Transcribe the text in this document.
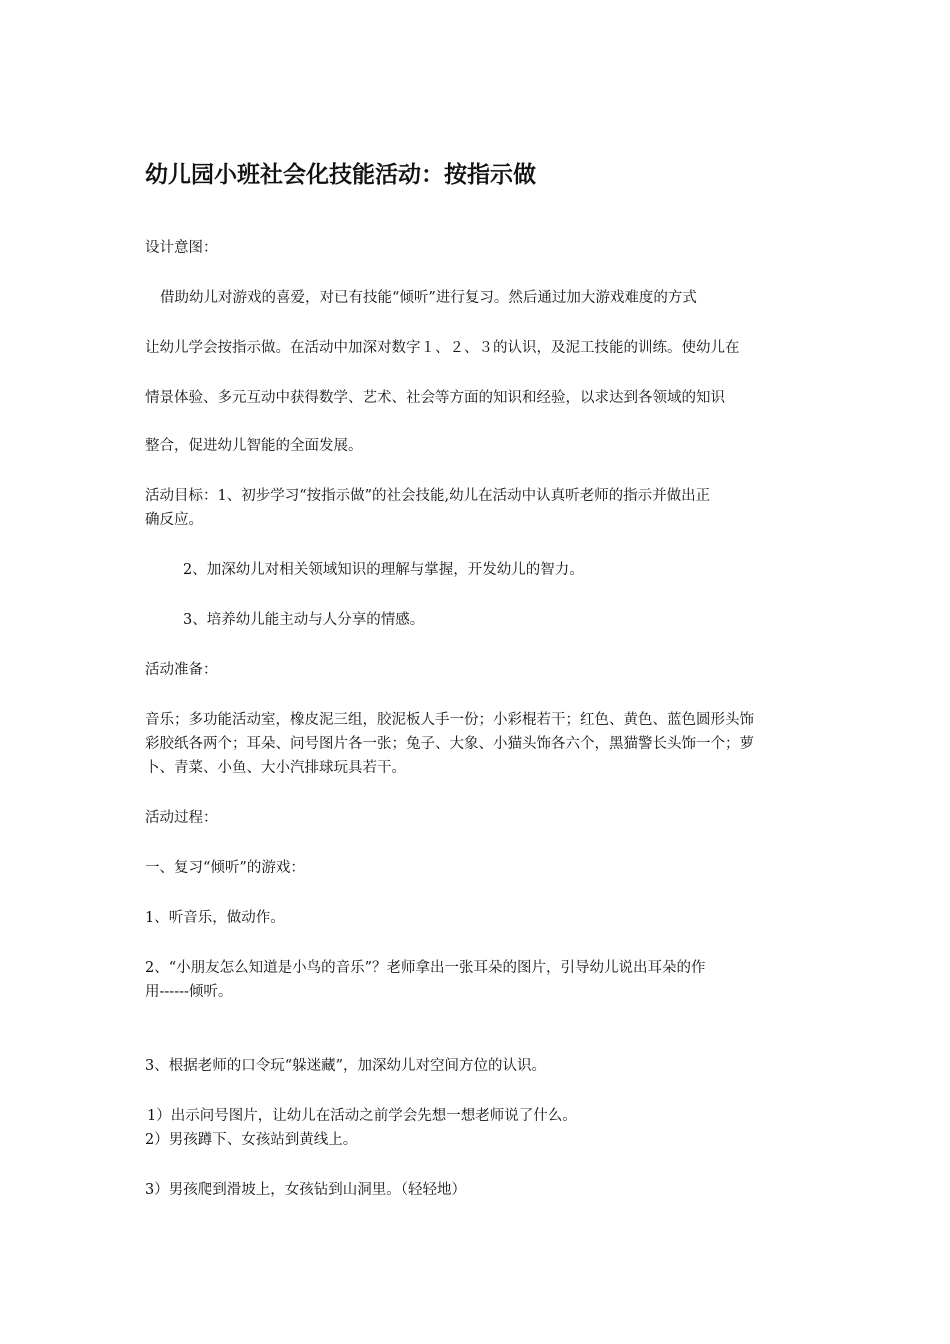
幼儿园小班社会化技能活动：按指示做
设计意图：
借助幼儿对游戏的喜爱，对已有技能“倾听”进行复习。然后通过加大游戏难度的方式
让幼儿学会按指示做。在活动中加深对数字１、２、３的认识，及泥工技能的训练。使幼儿在
情景体验、多元互动中获得数学、艺术、社会等方面的知识和经验，以求达到各领域的知识
整合，促进幼儿智能的全面发展。
活动目标：1、初步学习“按指示做”的社会技能,幼儿在活动中认真听老师的指示并做出正
确反应。
2、加深幼儿对相关领域知识的理解与掌握，开发幼儿的智力。
3、培养幼儿能主动与人分享的情感。
活动准备：
音乐；多功能活动室，橡皮泥三组，胶泥板人手一份；小彩棍若干；红色、黄色、蓝色圆形头饰
彩胶纸各两个；耳朵、问号图片各一张；兔子、大象、小猫头饰各六个，黑猫警长头饰一个；萝
卜、青菜、小鱼、大小汽排球玩具若干。
活动过程：
一、复习“倾听”的游戏：
1、听音乐，做动作。
2、“小朋友怎么知道是小鸟的音乐”？老师拿出一张耳朵的图片，引导幼儿说出耳朵的作
用------倾听。
3、根据老师的口令玩“躲迷藏”，加深幼儿对空间方位的认识。
1）出示问号图片，让幼儿在活动之前学会先想一想老师说了什么。
2）男孩蹲下、女孩站到黄线上。
3）男孩爬到滑坡上，女孩钻到山洞里。（轻轻地）
